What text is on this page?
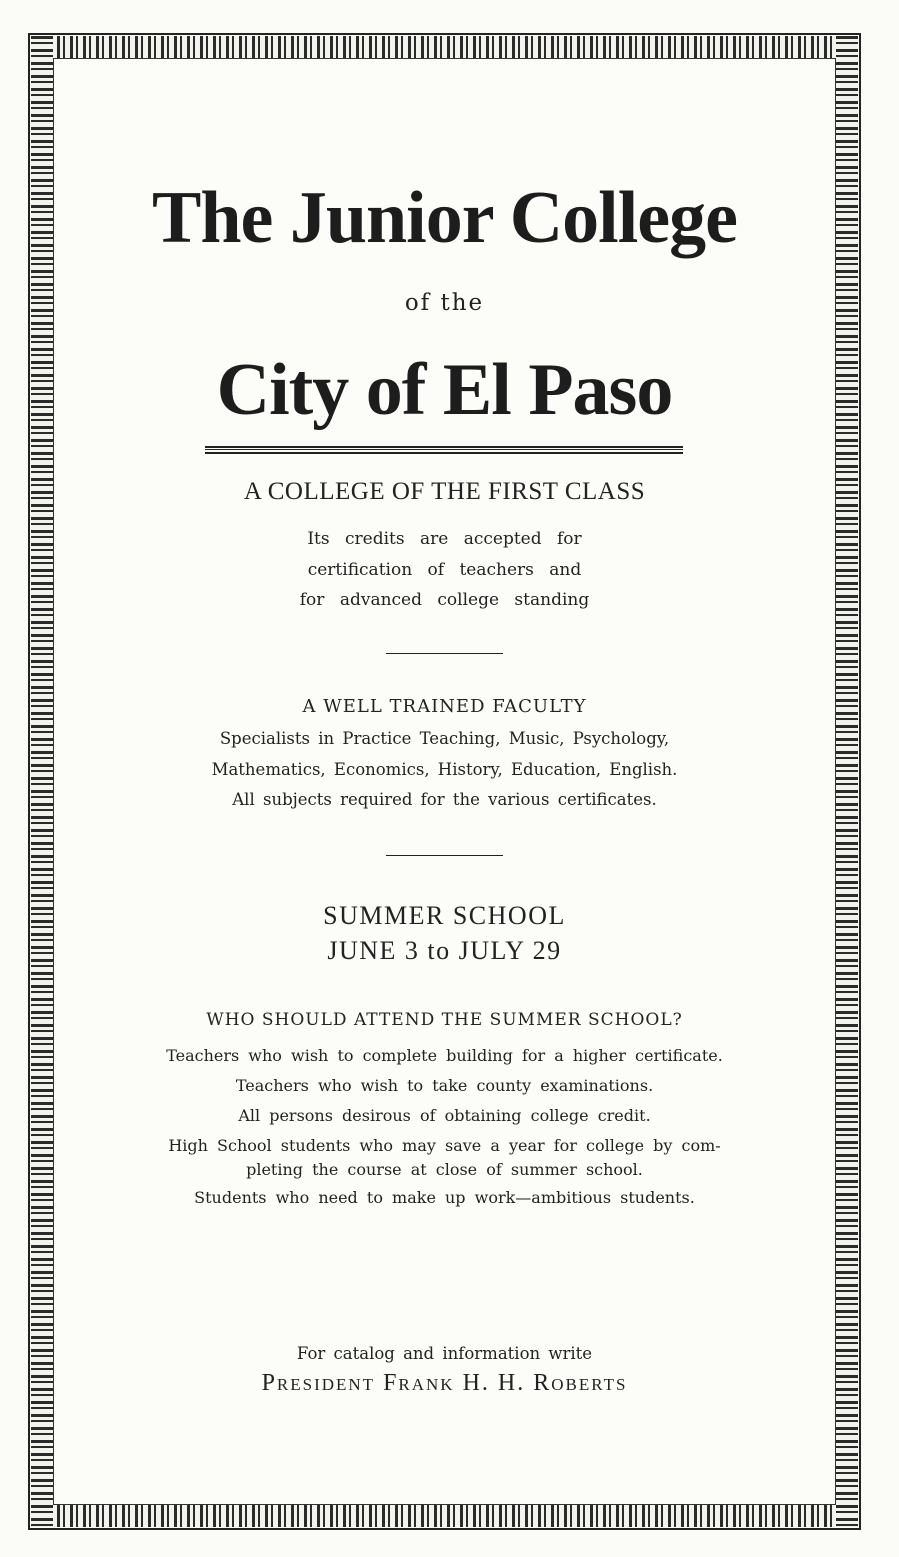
The Junior College
of the
City of El Paso
A COLLEGE OF THE FIRST CLASS
Its credits are accepted for
certification of teachers and
for advanced college standing
A WELL TRAINED FACULTY
Specialists in Practice Teaching, Music, Psychology,
Mathematics, Economics, History, Education, English.
All subjects required for the various certificates.
SUMMER SCHOOL
JUNE 3 to JULY 29
WHO SHOULD ATTEND THE SUMMER SCHOOL?
Teachers who wish to complete building for a higher certificate.
Teachers who wish to take county examinations.
All persons desirous of obtaining college credit.
High School students who may save a year for college by com-
pleting the course at close of summer school.
Students who need to make up work—ambitious students.
For catalog and information write
President Frank H. H. Roberts
